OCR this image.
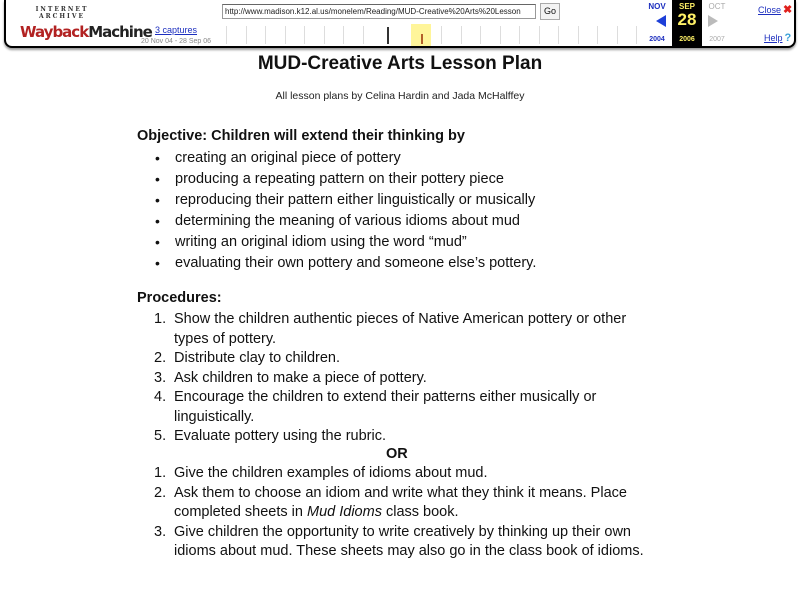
INTERNET ARCHIVE
WaybackMachine 3 captures
20 Nov 04 - 28 Sep 06
http://www.madison.k12.al.us/monelem/Reading/MUD-Creative%20Arts%20Lesson	Go	NOV
2004
SEP
28
2006
OCT
2007
Close ✖
Help ?
MUD-Creative Arts Lesson Plan
All lesson plans by Celina Hardin and Jada McHalffey
Objective: Children will extend their thinking by
• creating an original piece of pottery
• producing a repeating pattern on their pottery piece
• reproducing their pattern either linguistically or musically
• determining the meaning of various idioms about mud
• writing an original idiom using the word “mud”
• evaluating their own pottery and someone else’s pottery.
Procedures:
1. Show the children authentic pieces of Native American pottery or other types of pottery.
2. Distribute clay to children.
3. Ask children to make a piece of pottery.
4. Encourage the children to extend their patterns either musically or linguistically.
5. Evaluate pottery using the rubric.
OR
1. Give the children examples of idioms about mud.
2. Ask them to choose an idiom and write what they think it means. Place completed sheets in Mud Idioms class book.
3. Give children the opportunity to write creatively by thinking up their own idioms about mud. These sheets may also go in the class book of idioms.
